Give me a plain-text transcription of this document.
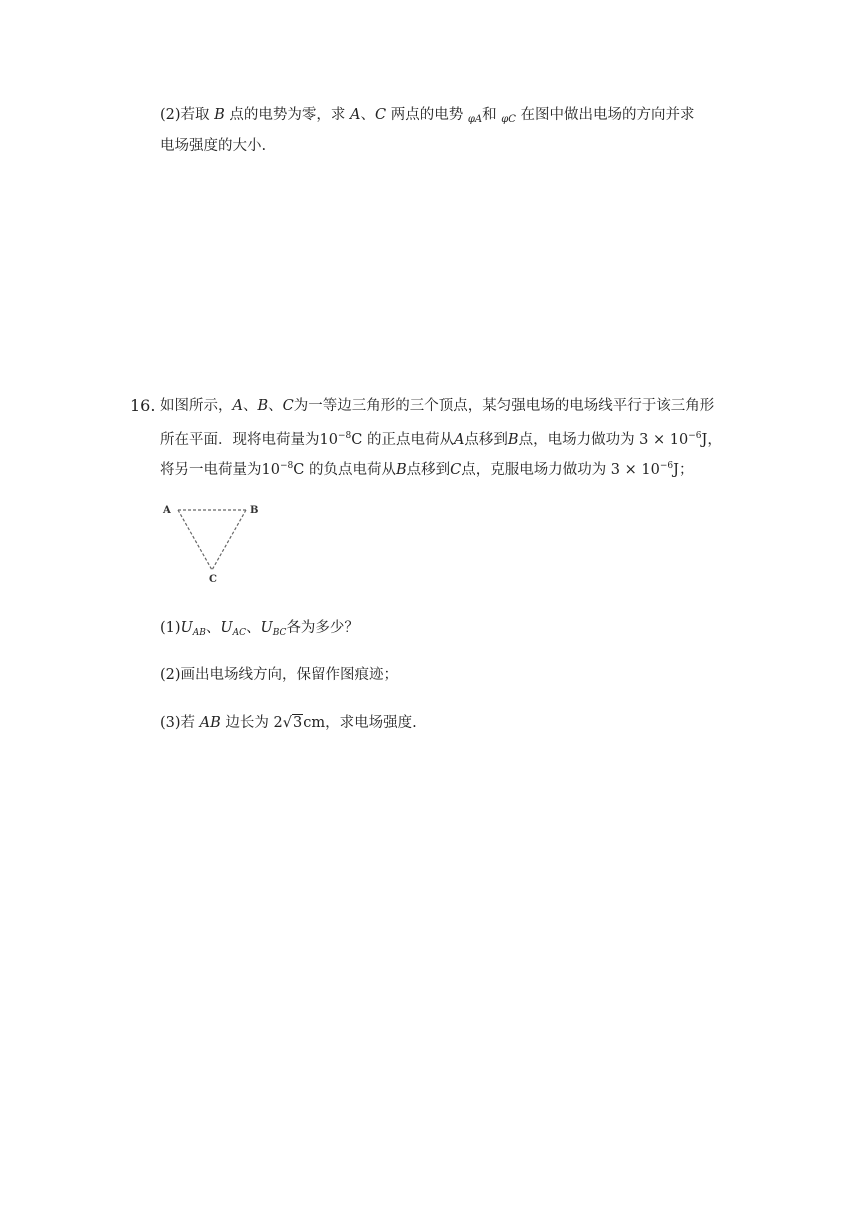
(2)若取 B 点的电势为零，求 A、C 两点的电势 $_{\varphi A}$和 $_{\varphi C}$ 在图中做出电场的方向并求
电场强度的大小.
16. 如图所示，A、B、C为一等边三角形的三个顶点，某匀强电场的电场线平行于该三角形
所在平面．现将电荷量为$10^{-8}C$ 的正点电荷从A点移到B点，电场力做功为 $3 \times 10^{-6}J$，
将另一电荷量为$10^{-8}C$ 的负点电荷从B点移到C点，克服电场力做功为 $3 \times 10^{-6}J$；
A	B
C
$(1)U_{AB}$、$U_{AC}$、$U_{BC}$各为多少？
(2)画出电场线方向，保留作图痕迹；
(3)若 AB 边长为 2√3cm，求电场强度.
